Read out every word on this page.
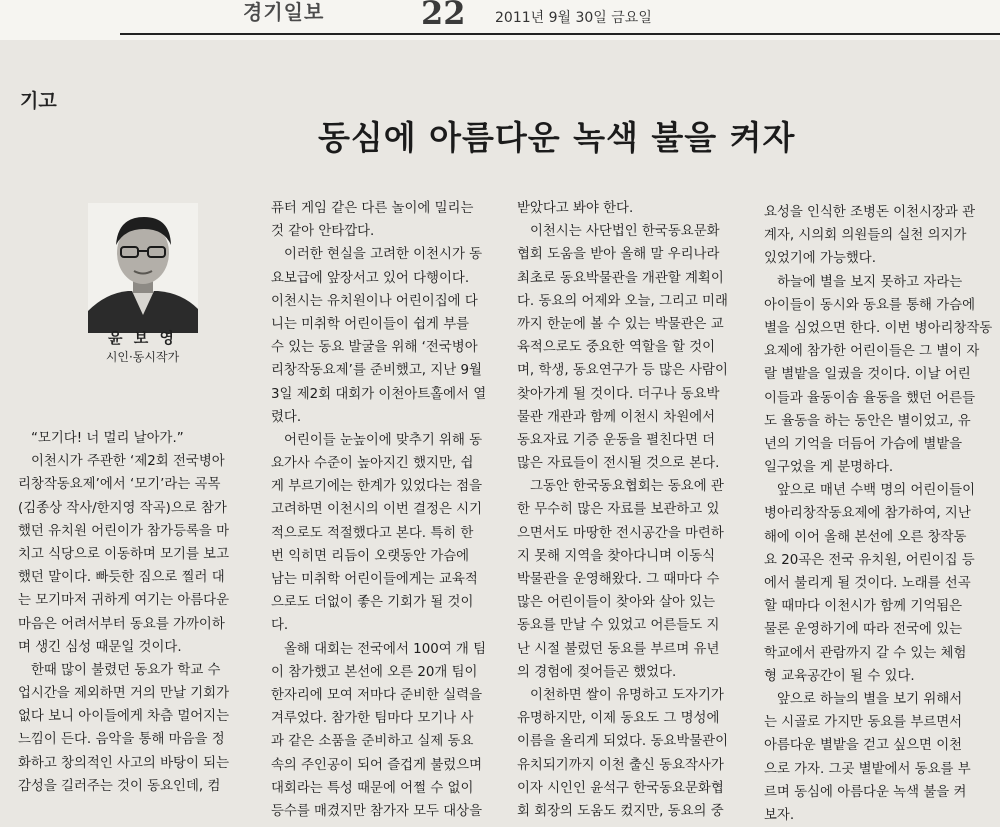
경기일보	22 2011년 9월 30일 금요일
기고
동심에 아름다운 녹색 불을 켜자
윤 보 영
시인·동시작가
“모기다! 너 멀리 날아가.”
이천시가 주관한 ‘제2회 전국병아
리창작동요제’에서 ‘모기’라는 곡목
(김종상 작사/한지영 작곡)으로 참가
했던 유치원 어린이가 참가등록을 마
치고 식당으로 이동하며 모기를 보고
했던 말이다. 빠듯한 짐으로 찔러 대
는 모기마저 귀하게 여기는 아름다운
마음은 어려서부터 동요를 가까이하
며 생긴 심성 때문일 것이다.
한때 많이 불렸던 동요가 학교 수
업시간을 제외하면 거의 만날 기회가
없다 보니 아이들에게 차츰 멀어지는
느낌이 든다. 음악을 통해 마음을 정
화하고 창의적인 사고의 바탕이 되는
감성을 길러주는 것이 동요인데, 컴
퓨터 게임 같은 다른 놀이에 밀리는
것 같아 안타깝다.
이러한 현실을 고려한 이천시가 동
요보급에 앞장서고 있어 다행이다.
이천시는 유치원이나 어린이집에 다
니는 미취학 어린이들이 쉽게 부를
수 있는 동요 발굴을 위해 ‘전국병아
리창작동요제’를 준비했고, 지난 9월
3일 제2회 대회가 이천아트홀에서 열
렸다.
어린이들 눈높이에 맞추기 위해 동
요가사 수준이 높아지긴 했지만, 쉽
게 부르기에는 한계가 있었다는 점을
고려하면 이천시의 이번 결정은 시기
적으로도 적절했다고 본다. 특히 한
번 익히면 리듬이 오랫동안 가슴에
남는 미취학 어린이들에게는 교육적
으로도 더없이 좋은 기회가 될 것이
다.
올해 대회는 전국에서 100여 개 팀
이 참가했고 본선에 오른 20개 팀이
한자리에 모여 저마다 준비한 실력을
겨루었다. 참가한 팀마다 모기나 사
과 같은 소품을 준비하고 실제 동요
속의 주인공이 되어 즐겁게 불렀으며
대회라는 특성 때문에 어쩔 수 없이
등수를 매겼지만 참가자 모두 대상을
받았다고 봐야 한다.
이천시는 사단법인 한국동요문화
협회 도움을 받아 올해 말 우리나라
최초로 동요박물관을 개관할 계획이
다. 동요의 어제와 오늘, 그리고 미래
까지 한눈에 볼 수 있는 박물관은 교
육적으로도 중요한 역할을 할 것이
며, 학생, 동요연구가 등 많은 사람이
찾아가게 될 것이다. 더구나 동요박
물관 개관과 함께 이천시 차원에서
동요자료 기증 운동을 펼친다면 더
많은 자료들이 전시될 것으로 본다.
그동안 한국동요협회는 동요에 관
한 무수히 많은 자료를 보관하고 있
으면서도 마땅한 전시공간을 마련하
지 못해 지역을 찾아다니며 이동식
박물관을 운영해왔다. 그 때마다 수
많은 어린이들이 찾아와 살아 있는
동요를 만날 수 있었고 어른들도 지
난 시절 불렀던 동요를 부르며 유년
의 경험에 젖어들곤 했었다.
이천하면 쌀이 유명하고 도자기가
유명하지만, 이제 동요도 그 명성에
이름을 올리게 되었다. 동요박물관이
유치되기까지 이천 출신 동요작사가
이자 시인인 윤석구 한국동요문화협
회 회장의 도움도 컸지만, 동요의 중
요성을 인식한 조병돈 이천시장과 관
계자, 시의회 의원들의 실천 의지가
있었기에 가능했다.
하늘에 별을 보지 못하고 자라는
아이들이 동시와 동요를 통해 가슴에
별을 심었으면 한다. 이번 병아리창작동
요제에 참가한 어린이들은 그 별이 자
랄 별밭을 일궜을 것이다. 이날 어린
이들과 율동이솜 율동을 했던 어른들
도 율동을 하는 동안은 별이었고, 유
년의 기억을 더듬어 가슴에 별밭을
일구었을 게 분명하다.
앞으로 매년 수백 명의 어린이들이
병아리창작동요제에 참가하여, 지난
해에 이어 올해 본선에 오른 창작동
요 20곡은 전국 유치원, 어린이집 등
에서 불리게 될 것이다. 노래를 선곡
할 때마다 이천시가 함께 기억됨은
물론 운영하기에 따라 전국에 있는
학교에서 관람까지 갈 수 있는 체험
형 교육공간이 될 수 있다.
앞으로 하늘의 별을 보기 위해서
는 시골로 가지만 동요를 부르면서
아름다운 별밭을 걷고 싶으면 이천
으로 가자. 그곳 별밭에서 동요를 부
르며 동심에 아름다운 녹색 불을 켜
보자.
